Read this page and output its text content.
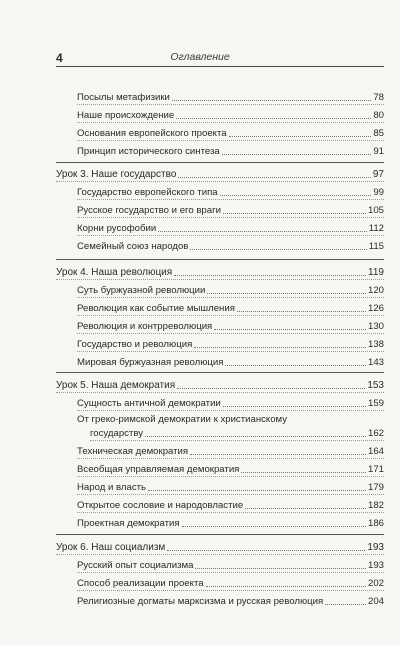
4	Оглавление
Посылы метафизики	78
Наше происхождение	80
Основания европейского проекта	85
Принцип исторического синтеза	91
Урок 3. Наше государство	97
Государство европейского типа	99
Русское государство и его враги	105
Корни русофобии	112
Семейный союз народов	115
Урок 4. Наша революция	119
Суть буржуазной революции	120
Революция как событие мышления	126
Революция и контрреволюция	130
Государство и революция	138
Мировая буржуазная революция	143
Урок 5. Наша демократия	153
Сущность античной демократии	159
От греко-римской демократии к христианскому
государству	162
Техническая демократия	164
Всеобщая управляемая демократия	171
Народ и власть	179
Открытое сословие и народовластие	182
Проектная демократия	186
Урок 6. Наш социализм	193
Русский опыт социализма	193
Способ реализации проекта	202
Религиозные догматы марксизма и русская революция	204
